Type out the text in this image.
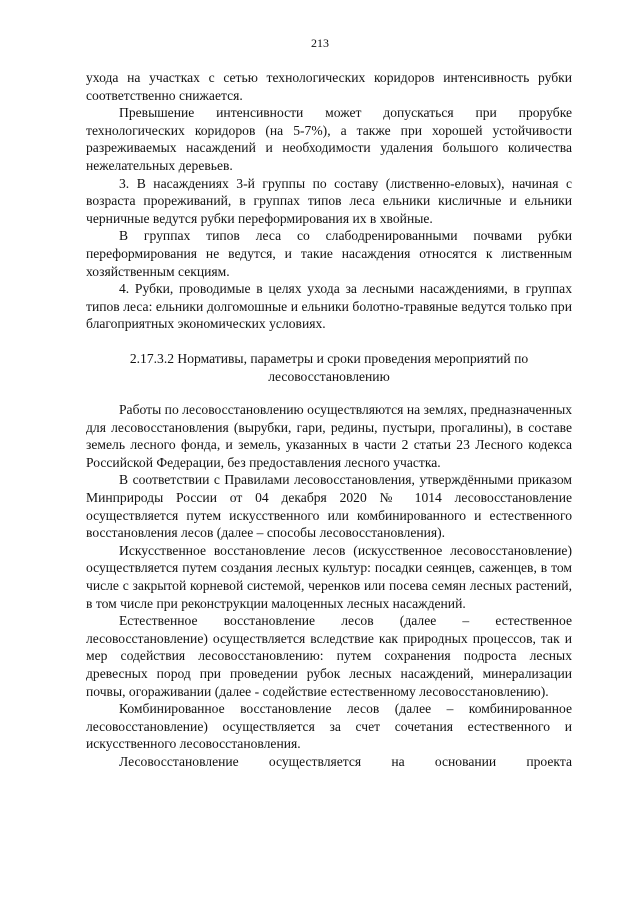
213

ухода на участках с сетью технологических коридоров интенсивность рубки соответственно снижается.

Превышение интенсивности может допускаться при прорубке технологических коридоров (на 5-7%), а также при хорошей устойчивости разреживаемых насаждений и необходимости удаления большого количества нежелательных деревьев.

3. В насаждениях 3-й группы по составу (лиственно-еловых), начиная с возраста прореживаний, в группах типов леса ельники кисличные и ельники черничные ведутся рубки переформирования их в хвойные.

В группах типов леса со слабодренированными почвами рубки переформирования не ведутся, и такие насаждения относятся к лиственным хозяйственным секциям.

4. Рубки, проводимые в целях ухода за лесными насаждениями, в группах типов леса: ельники долгомошные и ельники болотно-травяные ведутся только при благоприятных экономических условиях.

2.17.3.2 Нормативы, параметры и сроки проведения мероприятий по
лесовосстановлению

Работы по лесовосстановлению осуществляются на землях, предназначенных для лесовосстановления (вырубки, гари, редины, пустыри, прогалины), в составе земель лесного фонда, и земель, указанных в части 2 статьи 23 Лесного кодекса Российской Федерации, без предоставления лесного участка.

В соответствии с Правилами лесовосстановления, утверждёнными приказом Минприроды России от 04 декабря 2020 № 1014 лесовосстановление осуществляется путем искусственного или комбинированного и естественного восстановления лесов (далее – способы лесовосстановления).

Искусственное восстановление лесов (искусственное лесовосстановление) осуществляется путем создания лесных культур: посадки сеянцев, саженцев, в том числе с закрытой корневой системой, черенков или посева семян лесных растений, в том числе при реконструкции малоценных лесных насаждений.

Естественное восстановление лесов (далее – естественное лесовосстановление) осуществляется вследствие как природных процессов, так и мер содействия лесовосстановлению: путем сохранения подроста лесных древесных пород при проведении рубок лесных насаждений, минерализации почвы, огораживании (далее - содействие естественному лесовосстановлению).

Комбинированное восстановление лесов (далее – комбинированное лесовосстановление) осуществляется за счет сочетания естественного и искусственного лесовосстановления.

Лесовосстановление осуществляется на основании проекта
